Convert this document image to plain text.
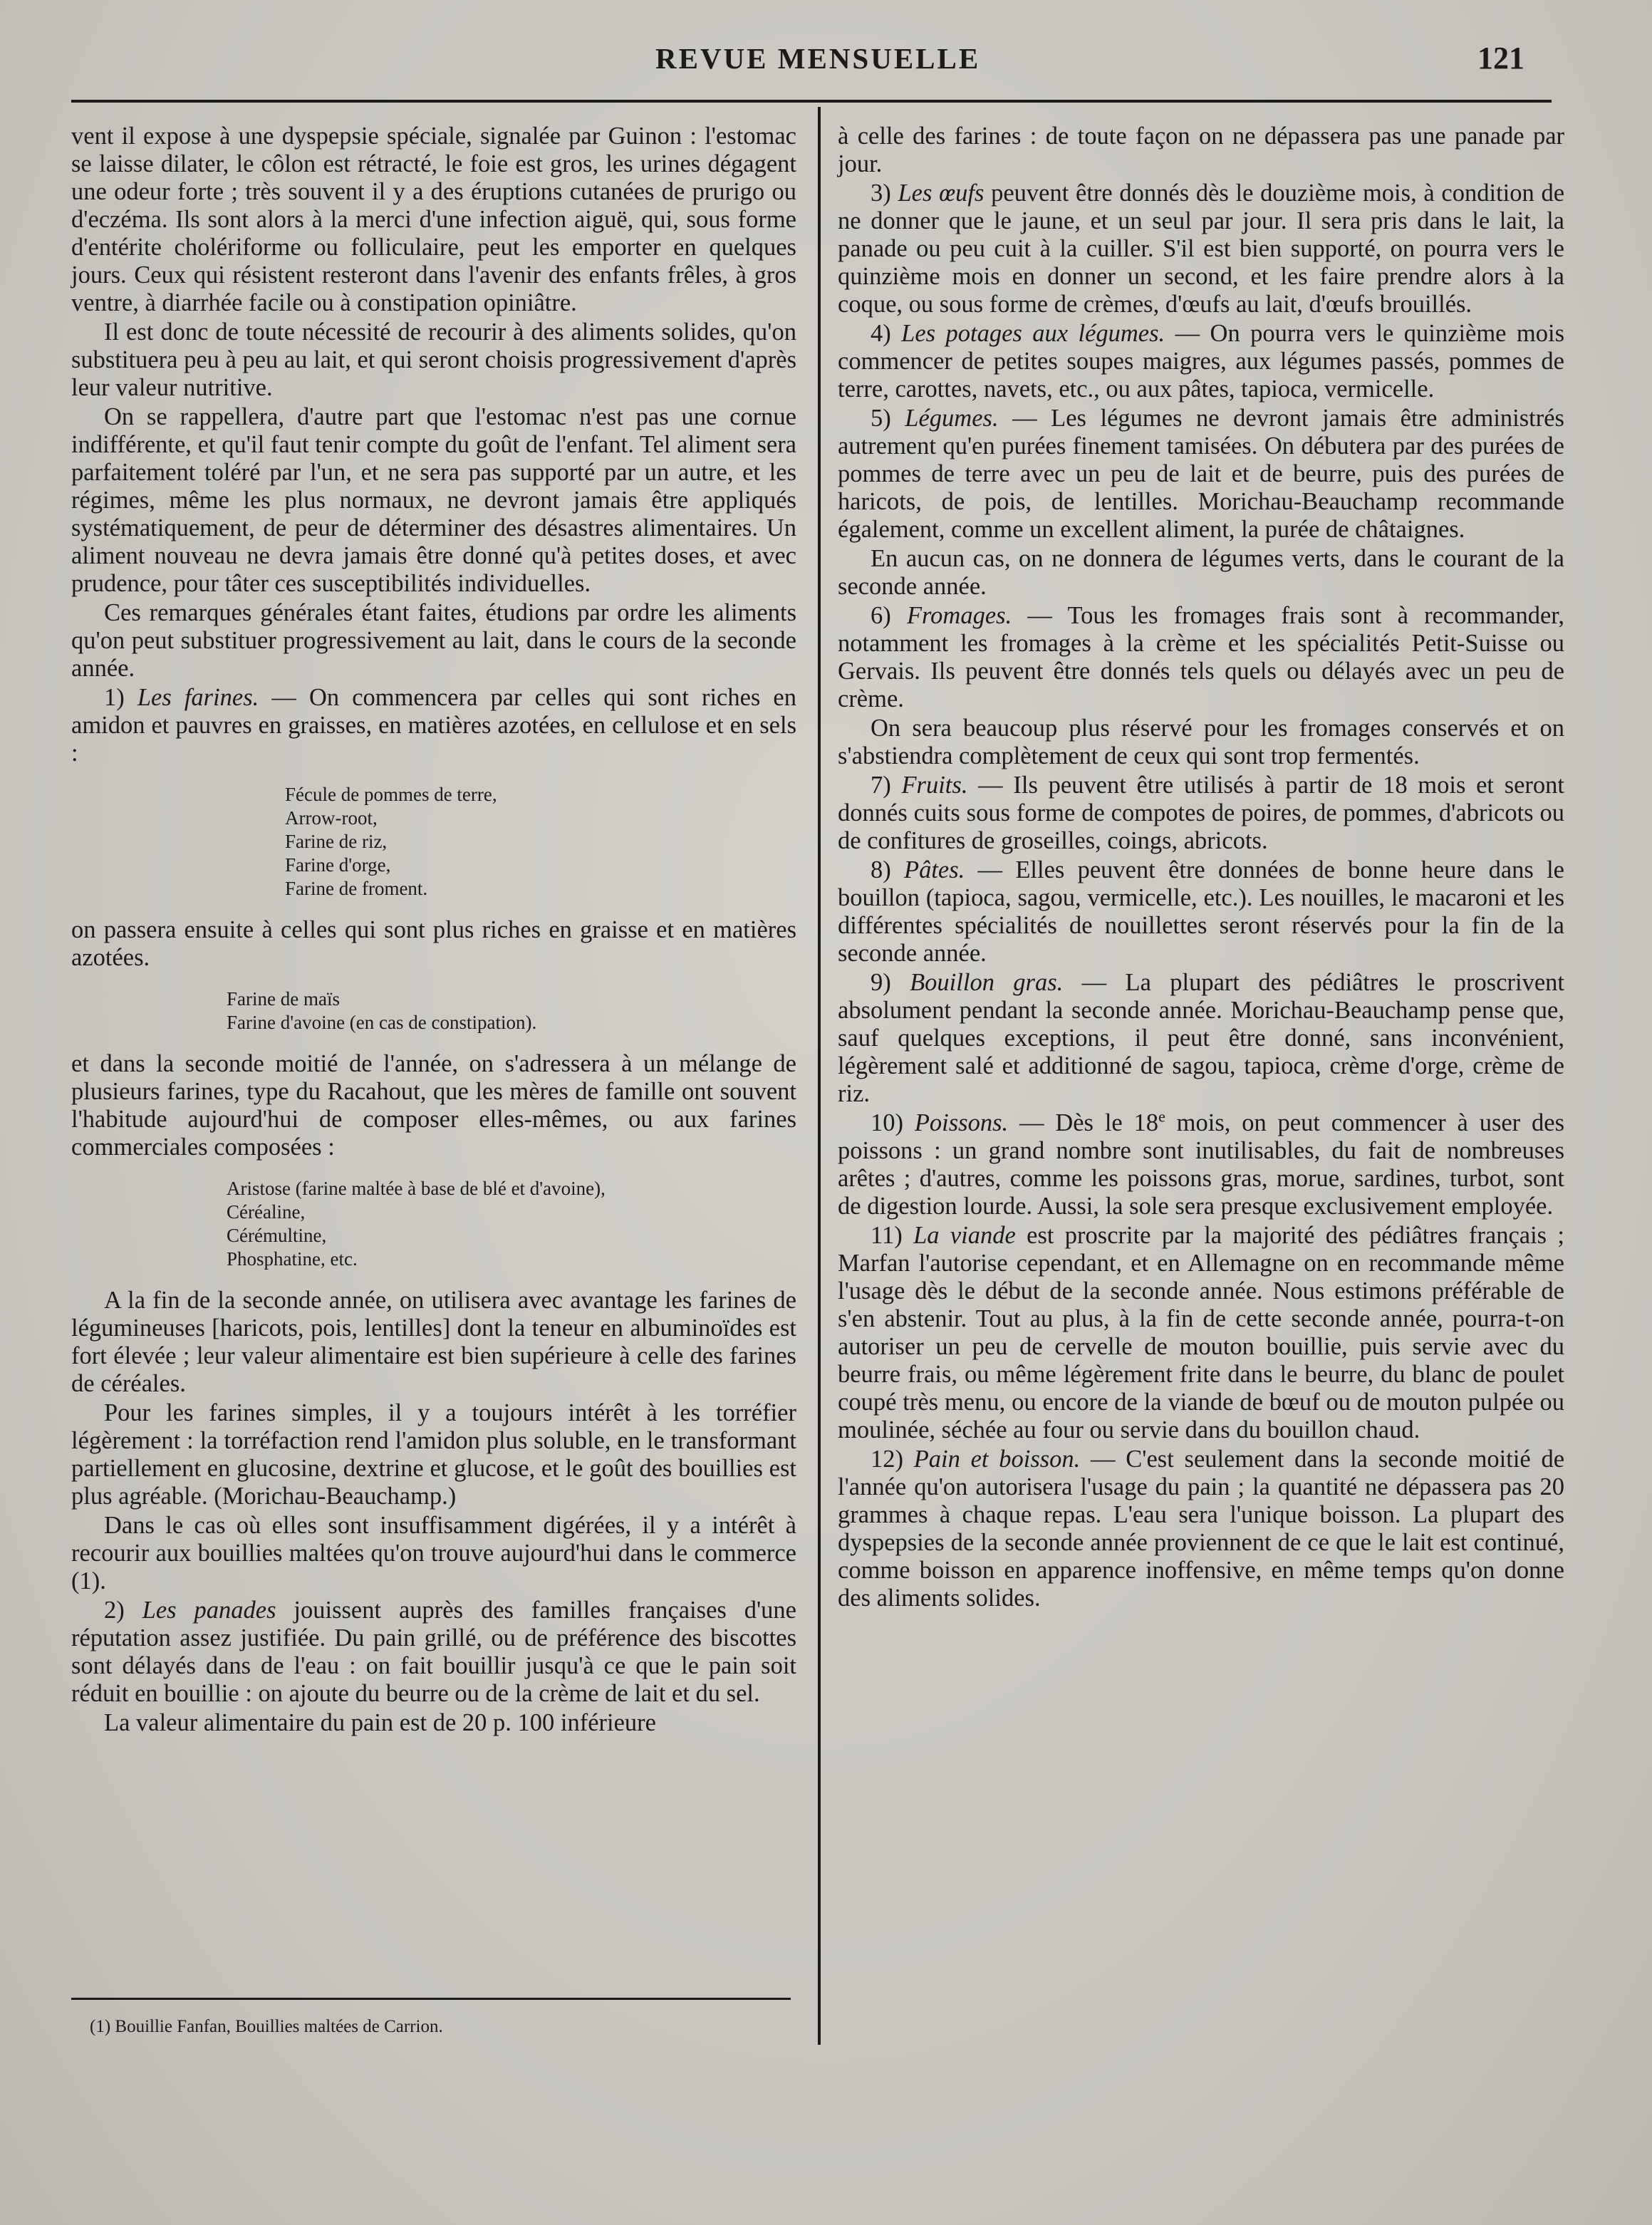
REVUE MENSUELLE	121

vent il expose à une dyspepsie spéciale, signalée par Guinon : l'estomac se laisse dilater, le côlon est rétracté, le foie est gros, les urines dégagent une odeur forte ; très souvent il y a des éruptions cutanées de prurigo ou d'eczéma. Ils sont alors à la merci d'une infection aiguë, qui, sous forme d'entérite cholériforme ou folliculaire, peut les emporter en quelques jours. Ceux qui résistent resteront dans l'avenir des enfants frêles, à gros ventre, à diarrhée facile ou à constipation opiniâtre.

Il est donc de toute nécessité de recourir à des aliments solides, qu'on substituera peu à peu au lait, et qui seront choisis progressivement d'après leur valeur nutritive.

On se rappellera, d'autre part que l'estomac n'est pas une cornue indifférente, et qu'il faut tenir compte du goût de l'enfant. Tel aliment sera parfaitement toléré par l'un, et ne sera pas supporté par un autre, et les régimes, même les plus normaux, ne devront jamais être appliqués systématiquement, de peur de déterminer des désastres alimentaires. Un aliment nouveau ne devra jamais être donné qu'à petites doses, et avec prudence, pour tâter ces susceptibilités individuelles.

Ces remarques générales étant faites, étudions par ordre les aliments qu'on peut substituer progressivement au lait, dans le cours de la seconde année.

1) Les farines. — On commencera par celles qui sont riches en amidon et pauvres en graisses, en matières azotées, en cellulose et en sels :

Fécule de pommes de terre,
Arrow-root,
Farine de riz,
Farine d'orge,
Farine de froment.

on passera ensuite à celles qui sont plus riches en graisse et en matières azotées.

Farine de maïs
Farine d'avoine (en cas de constipation).

et dans la seconde moitié de l'année, on s'adressera à un mélange de plusieurs farines, type du Racahout, que les mères de famille ont souvent l'habitude aujourd'hui de composer elles-mêmes, ou aux farines commerciales composées :

Aristose (farine maltée à base de blé et d'avoine),
Céréaline,
Cérémultine,
Phosphatine, etc.

A la fin de la seconde année, on utilisera avec avantage les farines de légumineuses [haricots, pois, lentilles] dont la teneur en albuminoïdes est fort élevée ; leur valeur alimentaire est bien supérieure à celle des farines de céréales.

Pour les farines simples, il y a toujours intérêt à les torréfier légèrement : la torréfaction rend l'amidon plus soluble, en le transformant partiellement en glucosine, dextrine et glucose, et le goût des bouillies est plus agréable. (Morichau-Beauchamp.)

Dans le cas où elles sont insuffisamment digérées, il y a intérêt à recourir aux bouillies maltées qu'on trouve aujourd'hui dans le commerce (1).

2) Les panades jouissent auprès des familles françaises d'une réputation assez justifiée. Du pain grillé, ou de préférence des biscottes sont délayés dans de l'eau : on fait bouillir jusqu'à ce que le pain soit réduit en bouillie : on ajoute du beurre ou de la crème de lait et du sel.

La valeur alimentaire du pain est de 20 p. 100 inférieure

(1) Bouillie Fanfan, Bouillies maltées de Carrion.

à celle des farines : de toute façon on ne dépassera pas une panade par jour.

3) Les œufs peuvent être donnés dès le douzième mois, à condition de ne donner que le jaune, et un seul par jour. Il sera pris dans le lait, la panade ou peu cuit à la cuiller. S'il est bien supporté, on pourra vers le quinzième mois en donner un second, et les faire prendre alors à la coque, ou sous forme de crèmes, d'œufs au lait, d'œufs brouillés.

4) Les potages aux légumes. — On pourra vers le quinzième mois commencer de petites soupes maigres, aux légumes passés, pommes de terre, carottes, navets, etc., ou aux pâtes, tapioca, vermicelle.

5) Légumes. — Les légumes ne devront jamais être administrés autrement qu'en purées finement tamisées. On débutera par des purées de pommes de terre avec un peu de lait et de beurre, puis des purées de haricots, de pois, de lentilles. Morichau-Beauchamp recommande également, comme un excellent aliment, la purée de châtaignes.

En aucun cas, on ne donnera de légumes verts, dans le courant de la seconde année.

6) Fromages. — Tous les fromages frais sont à recommander, notamment les fromages à la crème et les spécialités Petit-Suisse ou Gervais. Ils peuvent être donnés tels quels ou délayés avec un peu de crème.

On sera beaucoup plus réservé pour les fromages conservés et on s'abstiendra complètement de ceux qui sont trop fermentés.

7) Fruits. — Ils peuvent être utilisés à partir de 18 mois et seront donnés cuits sous forme de compotes de poires, de pommes, d'abricots ou de confitures de groseilles, coings, abricots.

8) Pâtes. — Elles peuvent être données de bonne heure dans le bouillon (tapioca, sagou, vermicelle, etc.). Les nouilles, le macaroni et les différentes spécialités de nouillettes seront réservés pour la fin de la seconde année.

9) Bouillon gras. — La plupart des pédiâtres le proscrivent absolument pendant la seconde année. Morichau-Beauchamp pense que, sauf quelques exceptions, il peut être donné, sans inconvénient, légèrement salé et additionné de sagou, tapioca, crème d'orge, crème de riz.

10) Poissons. — Dès le 18e mois, on peut commencer à user des poissons : un grand nombre sont inutilisables, du fait de nombreuses arêtes ; d'autres, comme les poissons gras, morue, sardines, turbot, sont de digestion lourde. Aussi, la sole sera presque exclusivement employée.

11) La viande est proscrite par la majorité des pédiâtres français ; Marfan l'autorise cependant, et en Allemagne on en recommande même l'usage dès le début de la seconde année. Nous estimons préférable de s'en abstenir. Tout au plus, à la fin de cette seconde année, pourra-t-on autoriser un peu de cervelle de mouton bouillie, puis servie avec du beurre frais, ou même légèrement frite dans le beurre, du blanc de poulet coupé très menu, ou encore de la viande de bœuf ou de mouton pulpée ou moulinée, séchée au four ou servie dans du bouillon chaud.

12) Pain et boisson. — C'est seulement dans la seconde moitié de l'année qu'on autorisera l'usage du pain ; la quantité ne dépassera pas 20 grammes à chaque repas. L'eau sera l'unique boisson. La plupart des dyspepsies de la seconde année proviennent de ce que le lait est continué, comme boisson en apparence inoffensive, en même temps qu'on donne des aliments solides.
